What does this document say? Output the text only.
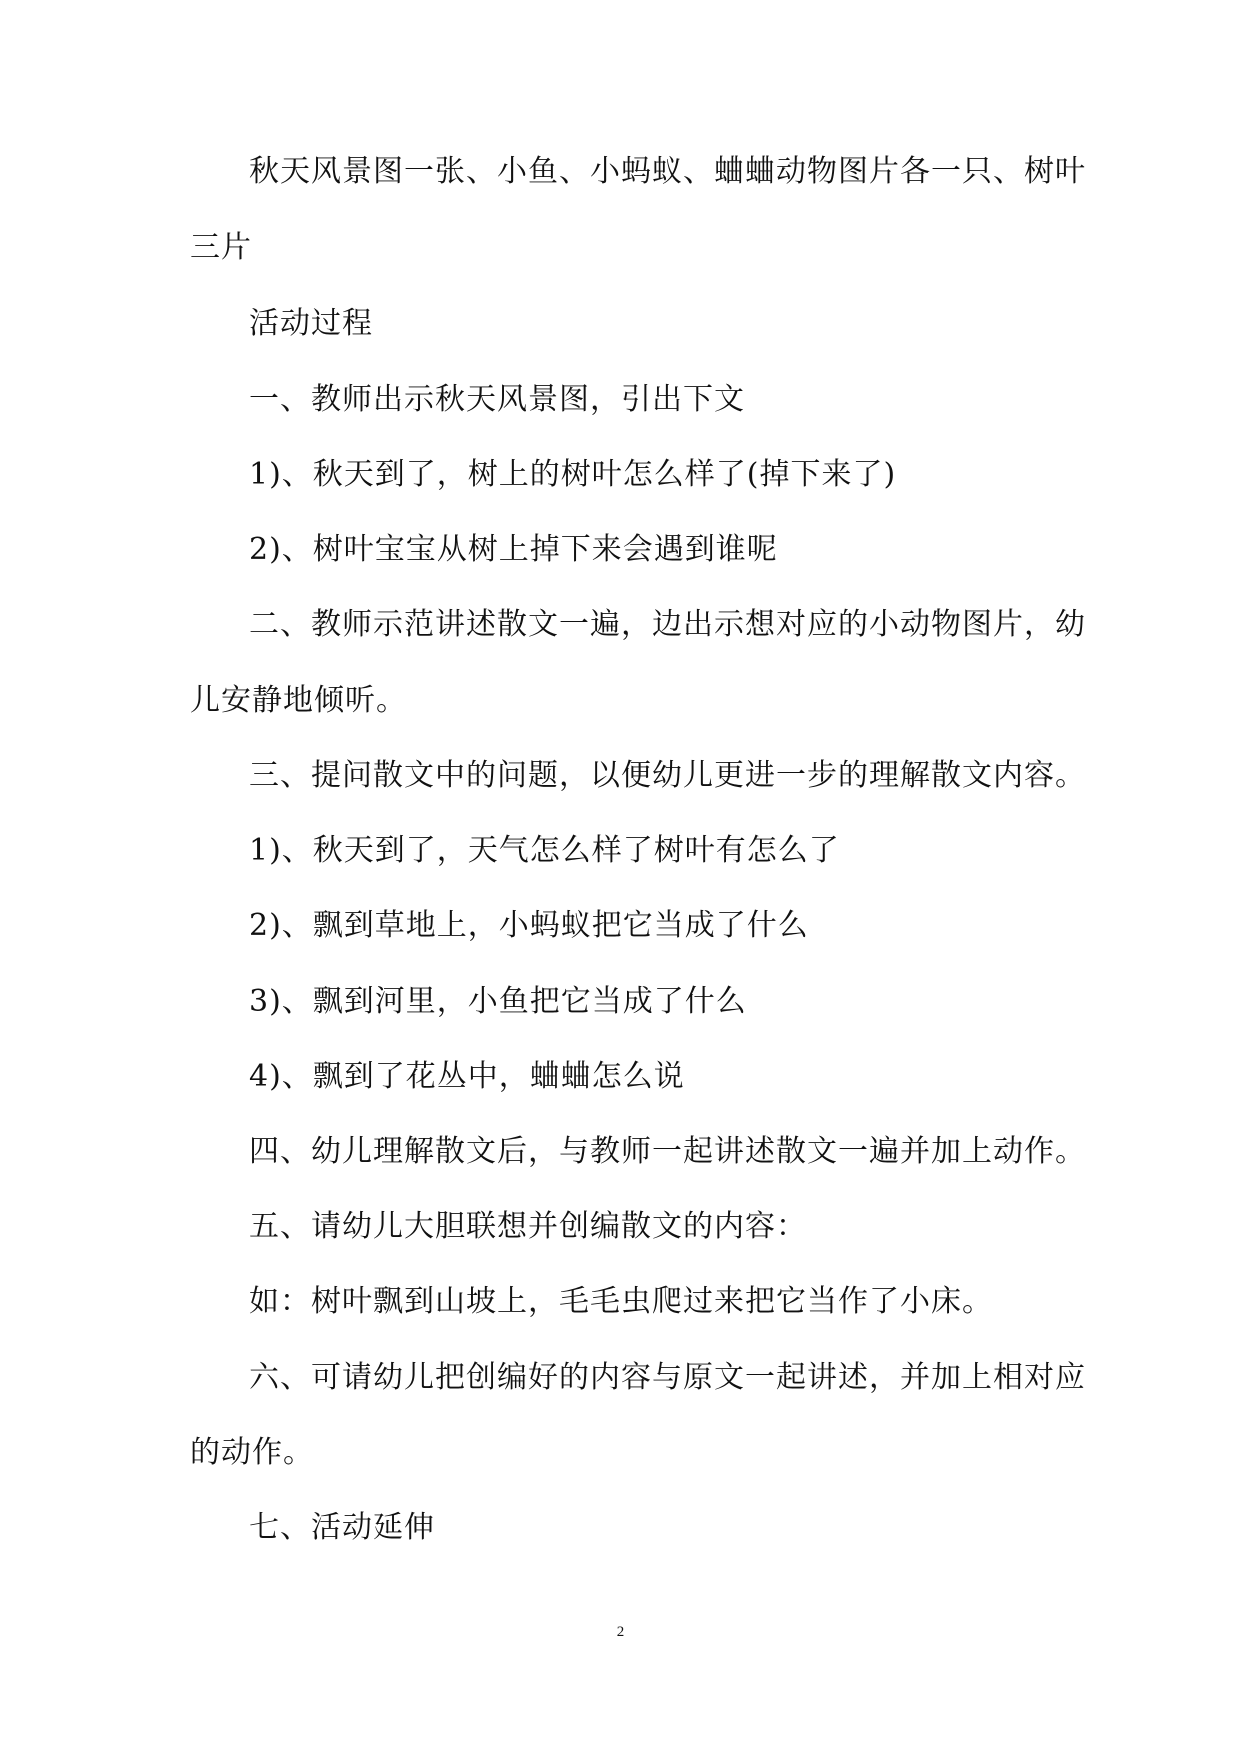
秋天风景图一张、小鱼、小蚂蚁、蛐蛐动物图片各一只、树叶
三片
活动过程
一、教师出示秋天风景图，引出下文
1)、秋天到了，树上的树叶怎么样了(掉下来了)
2)、树叶宝宝从树上掉下来会遇到谁呢
二、教师示范讲述散文一遍，边出示想对应的小动物图片，幼
儿安静地倾听。
三、提问散文中的问题，以便幼儿更进一步的理解散文内容。
1)、秋天到了，天气怎么样了树叶有怎么了
2)、飘到草地上，小蚂蚁把它当成了什么
3)、飘到河里，小鱼把它当成了什么
4)、飘到了花丛中，蛐蛐怎么说
四、幼儿理解散文后，与教师一起讲述散文一遍并加上动作。
五、请幼儿大胆联想并创编散文的内容：
如：树叶飘到山坡上，毛毛虫爬过来把它当作了小床。
六、可请幼儿把创编好的内容与原文一起讲述，并加上相对应
的动作。
七、活动延伸
2
